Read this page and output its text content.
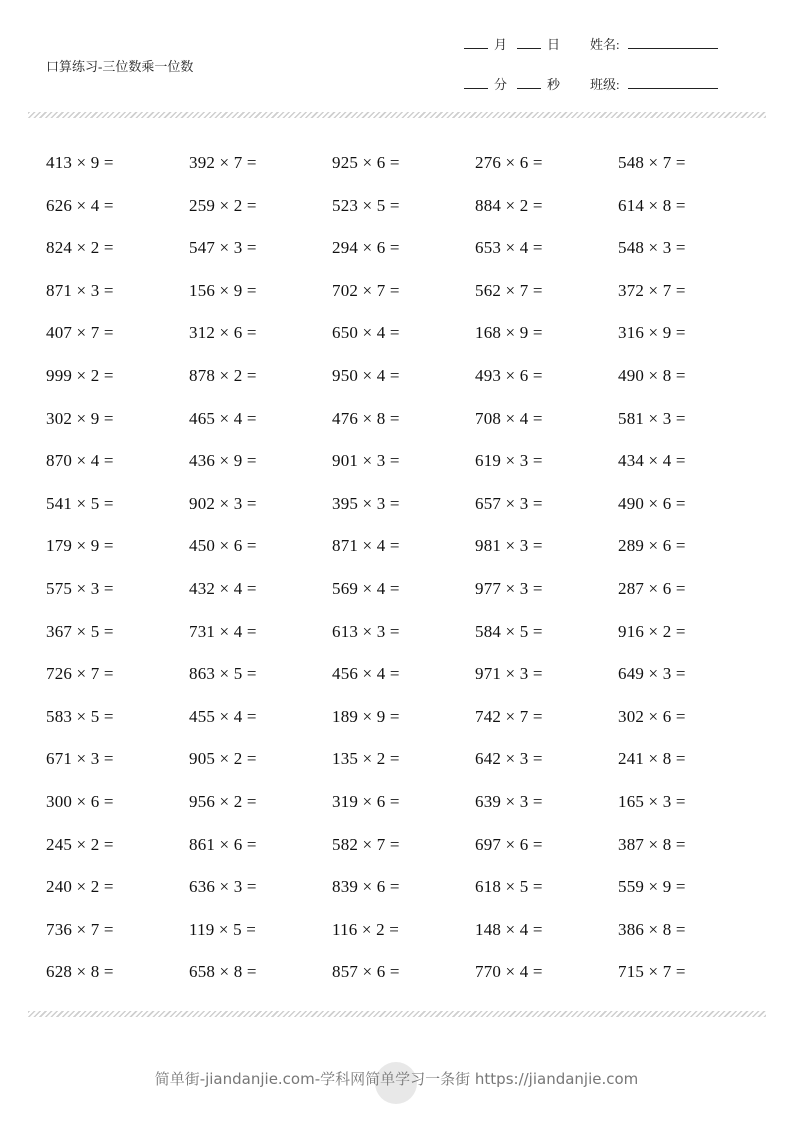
口算练习-三位数乘一位数
月	日 姓名:
分	秒 班级:
413 × 9 =	392 × 7 =	925 × 6 =	276 × 6 =	548 × 7 =
626 × 4 =	259 × 2 =	523 × 5 =	884 × 2 =	614 × 8 =
824 × 2 =	547 × 3 =	294 × 6 =	653 × 4 =	548 × 3 =
871 × 3 =	156 × 9 =	702 × 7 =	562 × 7 =	372 × 7 =
407 × 7 =	312 × 6 =	650 × 4 =	168 × 9 =	316 × 9 =
999 × 2 =	878 × 2 =	950 × 4 =	493 × 6 =	490 × 8 =
302 × 9 =	465 × 4 =	476 × 8 =	708 × 4 =	581 × 3 =
870 × 4 =	436 × 9 =	901 × 3 =	619 × 3 =	434 × 4 =
541 × 5 =	902 × 3 =	395 × 3 =	657 × 3 =	490 × 6 =
179 × 9 =	450 × 6 =	871 × 4 =	981 × 3 =	289 × 6 =
575 × 3 =	432 × 4 =	569 × 4 =	977 × 3 =	287 × 6 =
367 × 5 =	731 × 4 =	613 × 3 =	584 × 5 =	916 × 2 =
726 × 7 =	863 × 5 =	456 × 4 =	971 × 3 =	649 × 3 =
583 × 5 =	455 × 4 =	189 × 9 =	742 × 7 =	302 × 6 =
671 × 3 =	905 × 2 =	135 × 2 =	642 × 3 =	241 × 8 =
300 × 6 =	956 × 2 =	319 × 6 =	639 × 3 =	165 × 3 =
245 × 2 =	861 × 6 =	582 × 7 =	697 × 6 =	387 × 8 =
240 × 2 =	636 × 3 =	839 × 6 =	618 × 5 =	559 × 9 =
736 × 7 =	119 × 5 =	116 × 2 =	148 × 4 =	386 × 8 =
628 × 8 =	658 × 8 =	857 × 6 =	770 × 4 =	715 × 7 =
简单街-jiandanjie.com-学科网简单学习一条街 https://jiandanjie.com
